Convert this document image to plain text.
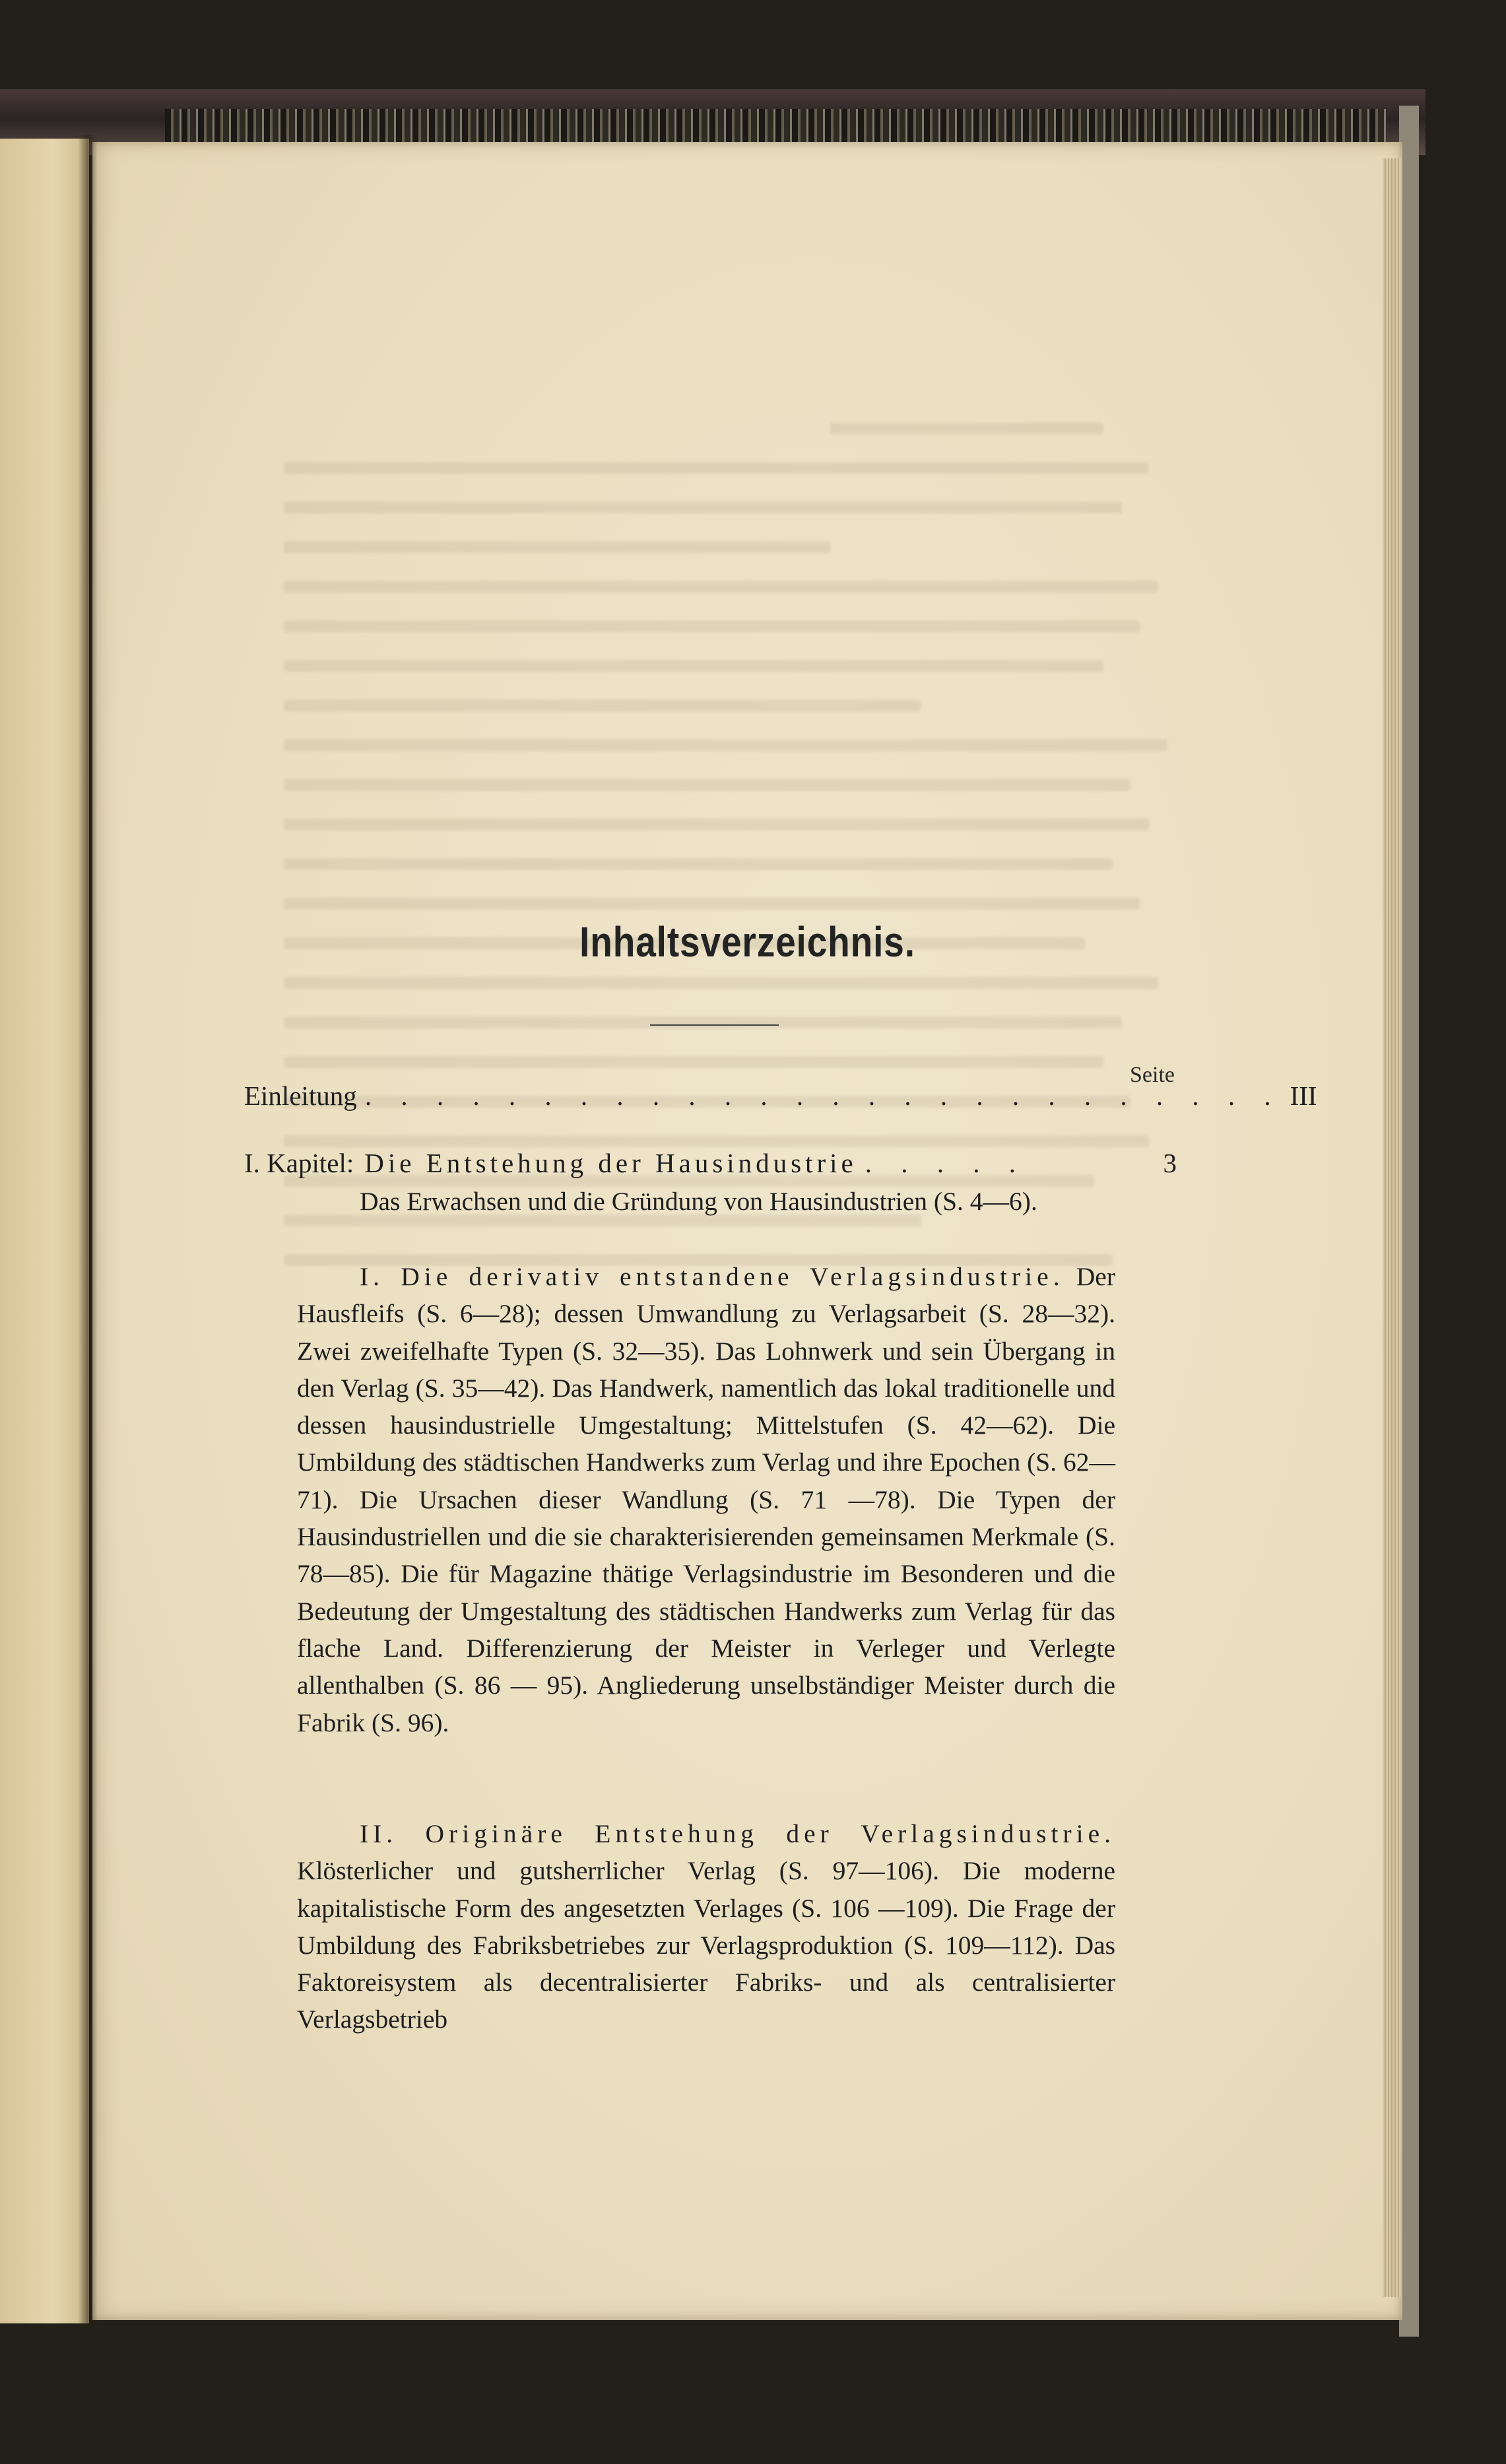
Inhaltsverzeichnis.
Seite
Einleitung . . . . . . . . . . . . . . . . . . . . . . . . . . III
I. Kapitel: Die Entstehung der Hausindustrie . . . . .	3

Das Erwachsen und die Gründung von Hausindustrien (S. 4—6).

I. Die derivativ entstandene Verlagsindustrie. Der Hausfleifs (S. 6—28); dessen Umwandlung zu Verlagsarbeit (S. 28—32). Zwei zweifelhafte Typen (S. 32—35). Das Lohnwerk und sein Übergang in den Verlag (S. 35—42). Das Handwerk, namentlich das lokal traditionelle und dessen hausindustrielle Umgestaltung; Mittelstufen (S. 42—62). Die Umbildung des städtischen Handwerks zum Verlag und ihre Epochen (S. 62—71). Die Ursachen dieser Wandlung (S. 71 —78). Die Typen der Hausindustriellen und die sie charakterisierenden gemeinsamen Merkmale (S. 78—85). Die für Magazine thätige Verlagsindustrie im Besonderen und die Bedeutung der Umgestaltung des städtischen Handwerks zum Verlag für das flache Land. Differenzierung der Meister in Verleger und Verlegte allenthalben (S. 86 — 95). Angliederung unselbständiger Meister durch die Fabrik (S. 96).

II. Originäre Entstehung der Verlagsindustrie. Klösterlicher und gutsherrlicher Verlag (S. 97—106). Die moderne kapitalistische Form des angesetzten Verlages (S. 106 —109). Die Frage der Umbildung des Fabriksbetriebes zur Verlagsproduktion (S. 109—112). Das Faktoreisystem als decentralisierter Fabriks- und als centralisierter Verlagsbetrieb
